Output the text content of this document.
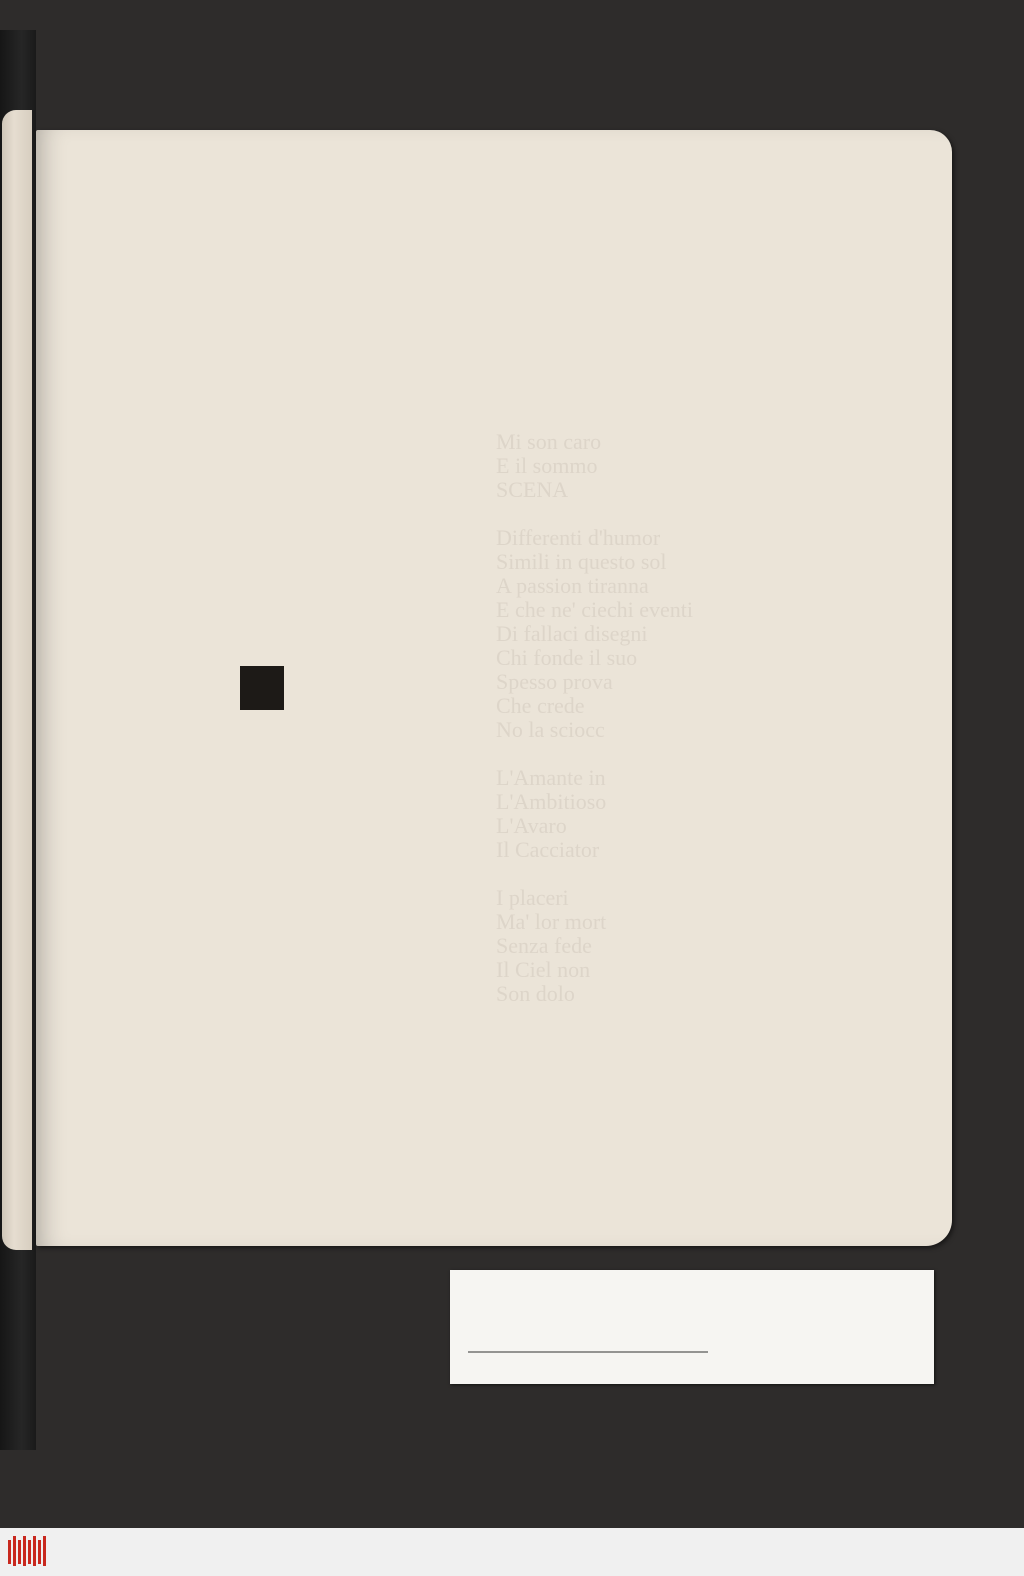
Mi son caro
E il sommo
SCENA

Differenti d'humor
Simili in questo sol
A passion tiranna
E che ne' ciechi eventi
Di fallaci disegni
Chi fonde il suo
Spesso prova
Che crede
No la sciocc

L'Amante in
L'Ambitioso
L'Avaro
Il Cacciator

I placeri
Ma' lor mort
Senza fede
Il Ciel non
Son dolo
